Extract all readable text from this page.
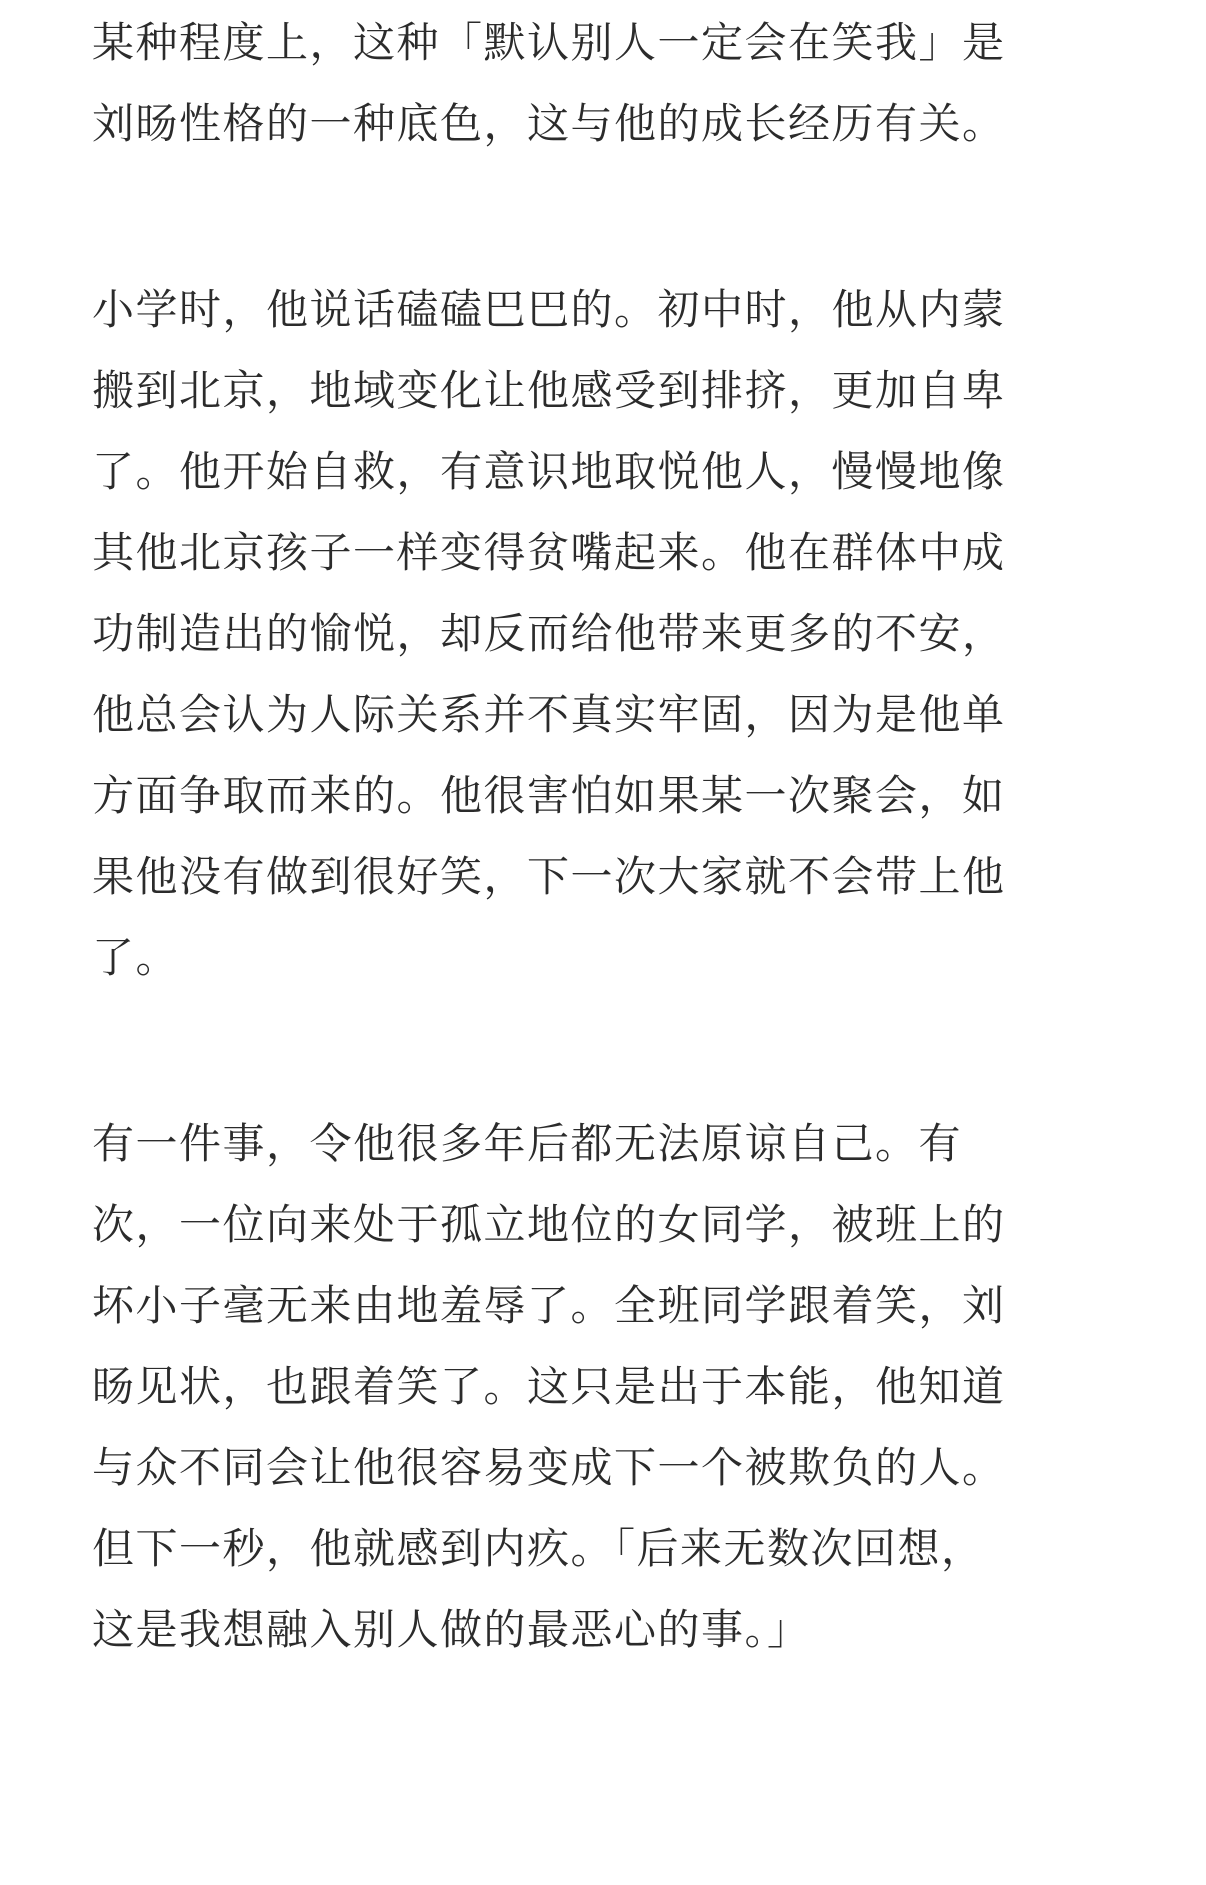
某种程度上，这种「默认别人一定会在笑我」是
刘旸性格的一种底色，这与他的成长经历有关。
小学时，他说话磕磕巴巴的。初中时，他从内蒙
搬到北京，地域变化让他感受到排挤，更加自卑
了。他开始自救，有意识地取悦他人，慢慢地像
其他北京孩子一样变得贫嘴起来。他在群体中成
功制造出的愉悦，却反而给他带来更多的不安，
他总会认为人际关系并不真实牢固，因为是他单
方面争取而来的。他很害怕如果某一次聚会，如
果他没有做到很好笑，下一次大家就不会带上他
了。
有一件事，令他很多年后都无法原谅自己。有
次，一位向来处于孤立地位的女同学，被班上的
坏小子毫无来由地羞辱了。全班同学跟着笑，刘
旸见状，也跟着笑了。这只是出于本能，他知道
与众不同会让他很容易变成下一个被欺负的人。
但下一秒，他就感到内疚。「后来无数次回想，
这是我想融入别人做的最恶心的事。」
